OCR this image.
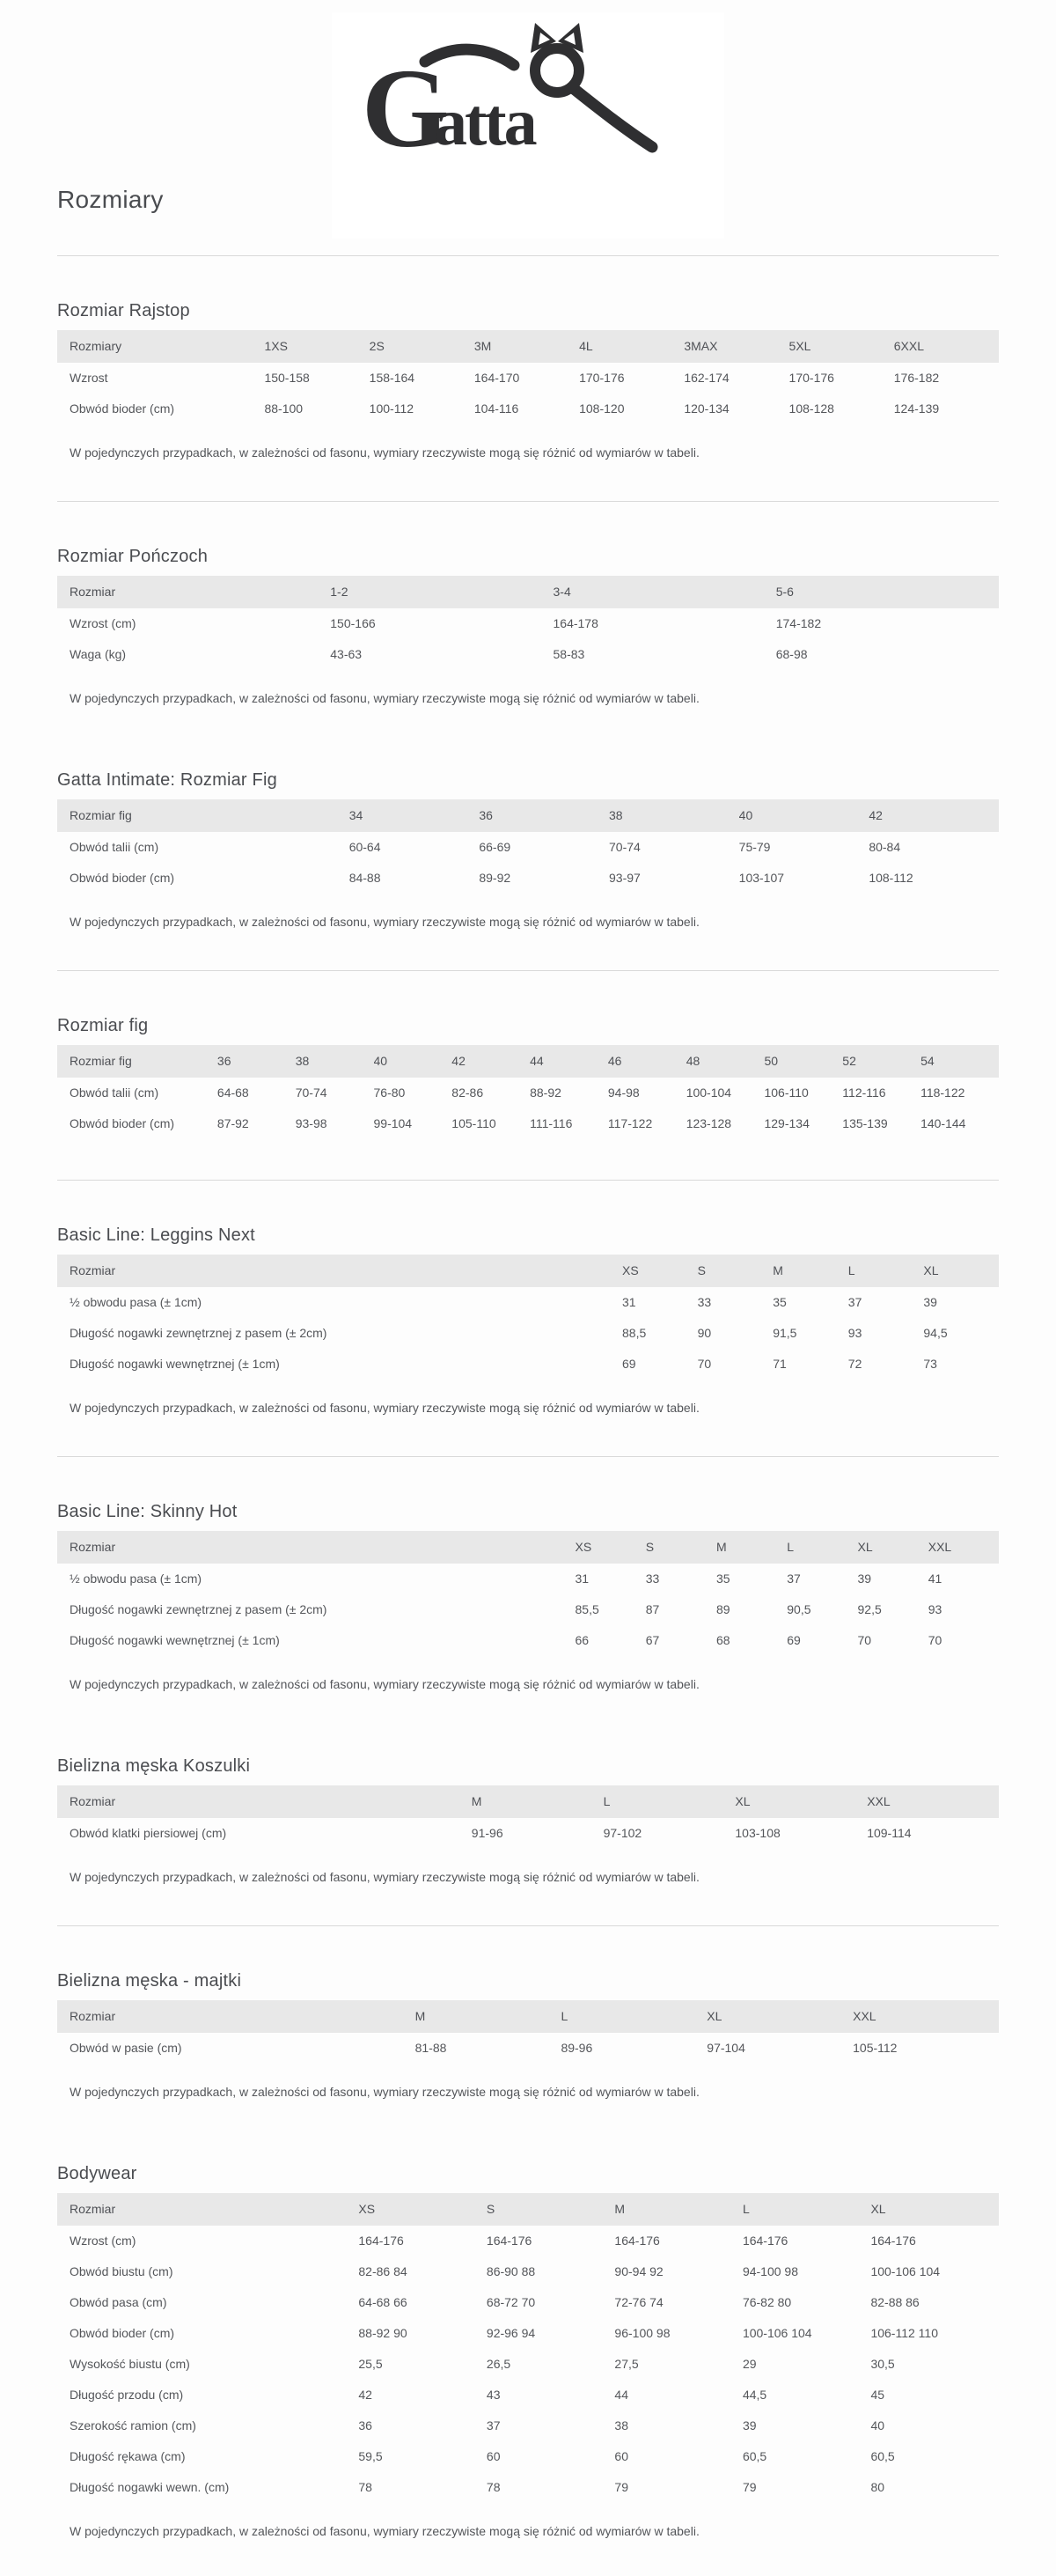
G
atta
Rozmiary
Rozmiar Rajstop
Rozmiary	1XS	2S	3M	4L	3MAX	5XL	6XXL
Wzrost	150-158	158-164	164-170	170-176	162-174	170-176	176-182
Obwód bioder (cm)	88-100	100-112	104-116	108-120	120-134	108-128	124-139

W pojedynczych przypadkach, w zależności od fasonu, wymiary rzeczywiste mogą się różnić od wymiarów w tabeli.

Rozmiar Pończoch
Rozmiar	1-2	3-4	5-6
Wzrost (cm)	150-166	164-178	174-182
Waga (kg)	43-63	58-83	68-98

W pojedynczych przypadkach, w zależności od fasonu, wymiary rzeczywiste mogą się różnić od wymiarów w tabeli.

Gatta Intimate: Rozmiar Fig
Rozmiar fig	34	36	38	40	42
Obwód talii (cm)	60-64	66-69	70-74	75-79	80-84
Obwód bioder (cm)	84-88	89-92	93-97	103-107	108-112

W pojedynczych przypadkach, w zależności od fasonu, wymiary rzeczywiste mogą się różnić od wymiarów w tabeli.

Rozmiar fig
Rozmiar fig	36	38	40	42	44	46	48	50	52	54
Obwód talii (cm)	64-68	70-74	76-80	82-86	88-92	94-98	100-104	106-110	112-116	118-122
Obwód bioder (cm)	87-92	93-98	99-104	105-110	111-116	117-122	123-128	129-134	135-139	140-144
Basic Line: Leggins Next
Rozmiar	XS	S	M	L	XL
½ obwodu pasa (± 1cm)	31	33	35	37	39
Długość nogawki zewnętrznej z pasem (± 2cm)	88,5	90	91,5	93	94,5
Długość nogawki wewnętrznej (± 1cm)	69	70	71	72	73

W pojedynczych przypadkach, w zależności od fasonu, wymiary rzeczywiste mogą się różnić od wymiarów w tabeli.

Basic Line: Skinny Hot
Rozmiar	XS	S	M	L	XL	XXL
½ obwodu pasa (± 1cm)	31	33	35	37	39	41
Długość nogawki zewnętrznej z pasem (± 2cm)	85,5	87	89	90,5	92,5	93
Długość nogawki wewnętrznej (± 1cm)	66	67	68	69	70	70

W pojedynczych przypadkach, w zależności od fasonu, wymiary rzeczywiste mogą się różnić od wymiarów w tabeli.

Bielizna męska Koszulki
Rozmiar	M	L	XL	XXL
Obwód klatki piersiowej (cm)	91-96	97-102	103-108	109-114

W pojedynczych przypadkach, w zależności od fasonu, wymiary rzeczywiste mogą się różnić od wymiarów w tabeli.

Bielizna męska - majtki
Rozmiar	M	L	XL	XXL
Obwód w pasie (cm)	81-88	89-96	97-104	105-112

W pojedynczych przypadkach, w zależności od fasonu, wymiary rzeczywiste mogą się różnić od wymiarów w tabeli.

Bodywear
Rozmiar	XS	S	M	L	XL
Wzrost (cm)	164-176	164-176	164-176	164-176	164-176
Obwód biustu (cm)	82-86 84	86-90 88	90-94 92	94-100 98	100-106 104
Obwód pasa (cm)	64-68 66	68-72 70	72-76 74	76-82 80	82-88 86
Obwód bioder (cm)	88-92 90	92-96 94	96-100 98	100-106 104	106-112 110
Wysokość biustu (cm)	25,5	26,5	27,5	29	30,5
Długość przodu (cm)	42	43	44	44,5	45
Szerokość ramion (cm)	36	37	38	39	40
Długość rękawa (cm)	59,5	60	60	60,5	60,5
Długość nogawki wewn. (cm)	78	78	79	79	80

W pojedynczych przypadkach, w zależności od fasonu, wymiary rzeczywiste mogą się różnić od wymiarów w tabeli.
